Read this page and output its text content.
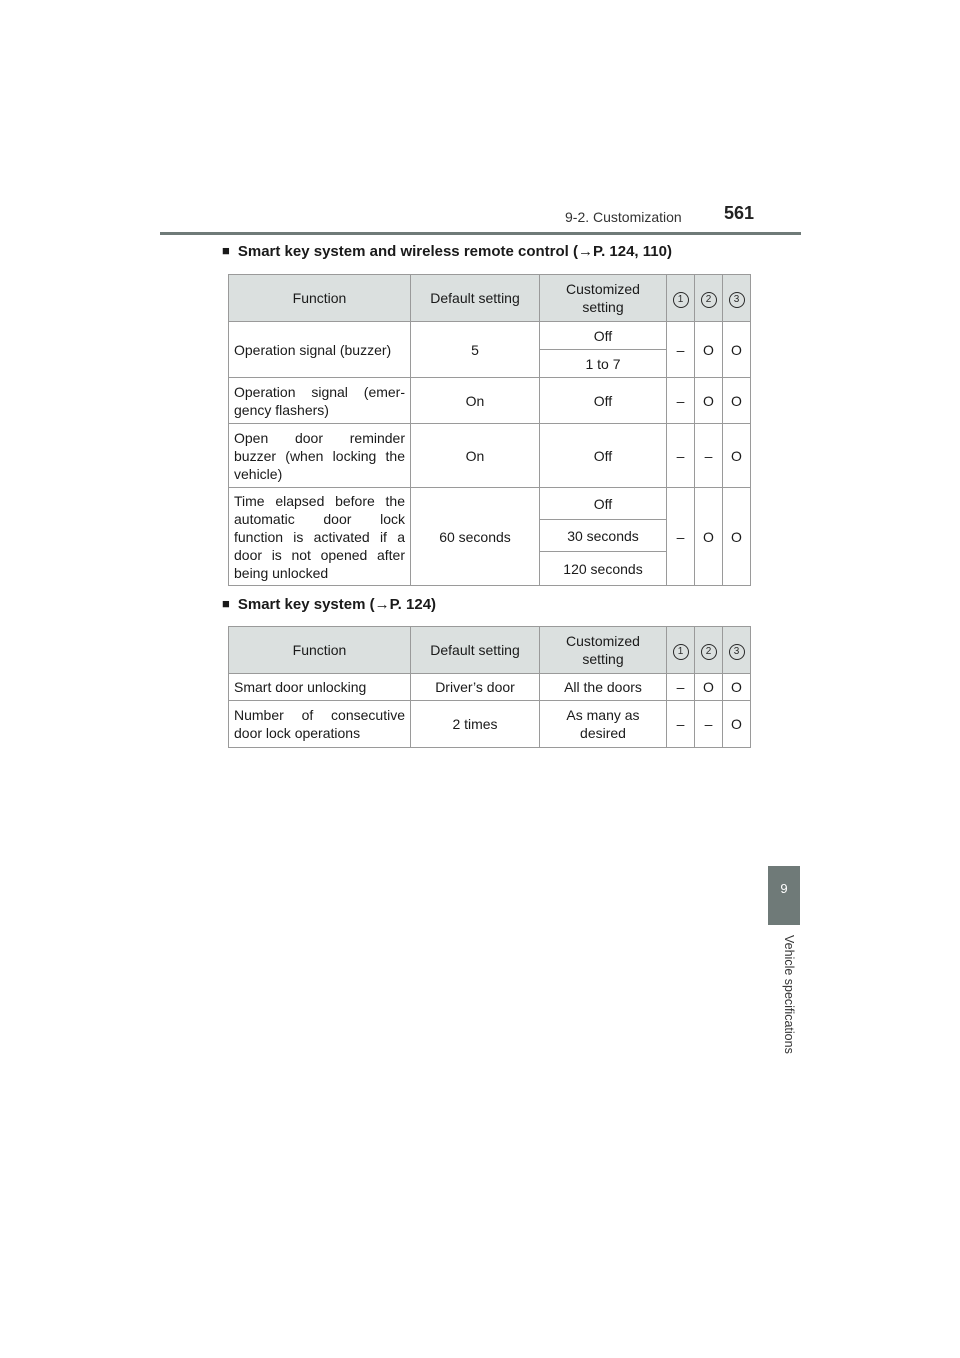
9-2. Customization 561
9
Vehicle specifications
■ Smart key system and wireless remote control (→P. 124, 110)
Function	Default setting	Customized setting	1	2	3
Operation signal (buzzer)	5	Off	–	O	O
		1 to 7			
Operation signal (emer-gency flashers)	On	Off	–	O	O
Open door reminder buzzer (when locking the vehicle)	On	Off	–	–	O
Time elapsed before the automatic door lock function is activated if a door is not opened after being unlocked	60 seconds	Off	–	O	O
		30 seconds			
		120 seconds			
■ Smart key system (→P. 124)
Function	Default setting	Customized setting	1	2	3
Smart door unlocking	Driver’s door	All the doors	–	O	O
Number of consecutive door lock operations	2 times	As many as desired	–	–	O
